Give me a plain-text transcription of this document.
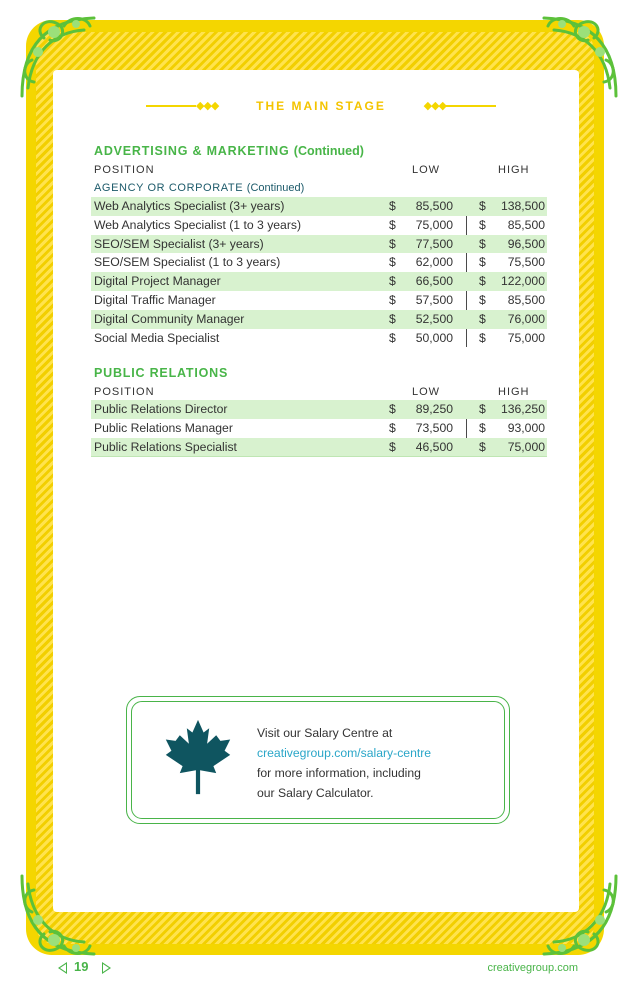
◆◆◆	THE MAIN STAGE	◆◆◆
ADVERTISING & MARKETING (Continued)
POSITION	LOW	HIGH
AGENCY OR CORPORATE (Continued)
Web Analytics Specialist (3+ years)	$ 85,500 $ 138,500
Web Analytics Specialist (1 to 3 years)	$ 75,000 $ 85,500
SEO/SEM Specialist (3+ years)	$ 77,500 $ 96,500
SEO/SEM Specialist (1 to 3 years)	$ 62,000 $ 75,500
Digital Project Manager	$ 66,500 $ 122,000
Digital Traffic Manager	$ 57,500 $ 85,500
Digital Community Manager	$ 52,500 $ 76,000
Social Media Specialist	$ 50,000 $ 75,000
PUBLIC RELATIONS
POSITION	LOW	HIGH
Public Relations Director	$ 89,250 $ 136,250
Public Relations Manager	$ 73,500 $ 93,000
Public Relations Specialist	$ 46,500 $ 75,000
Visit our Salary Centre at
creativegroup.com/salary-centre
for more information, including
our Salary Calculator.
19	creativegroup.com
